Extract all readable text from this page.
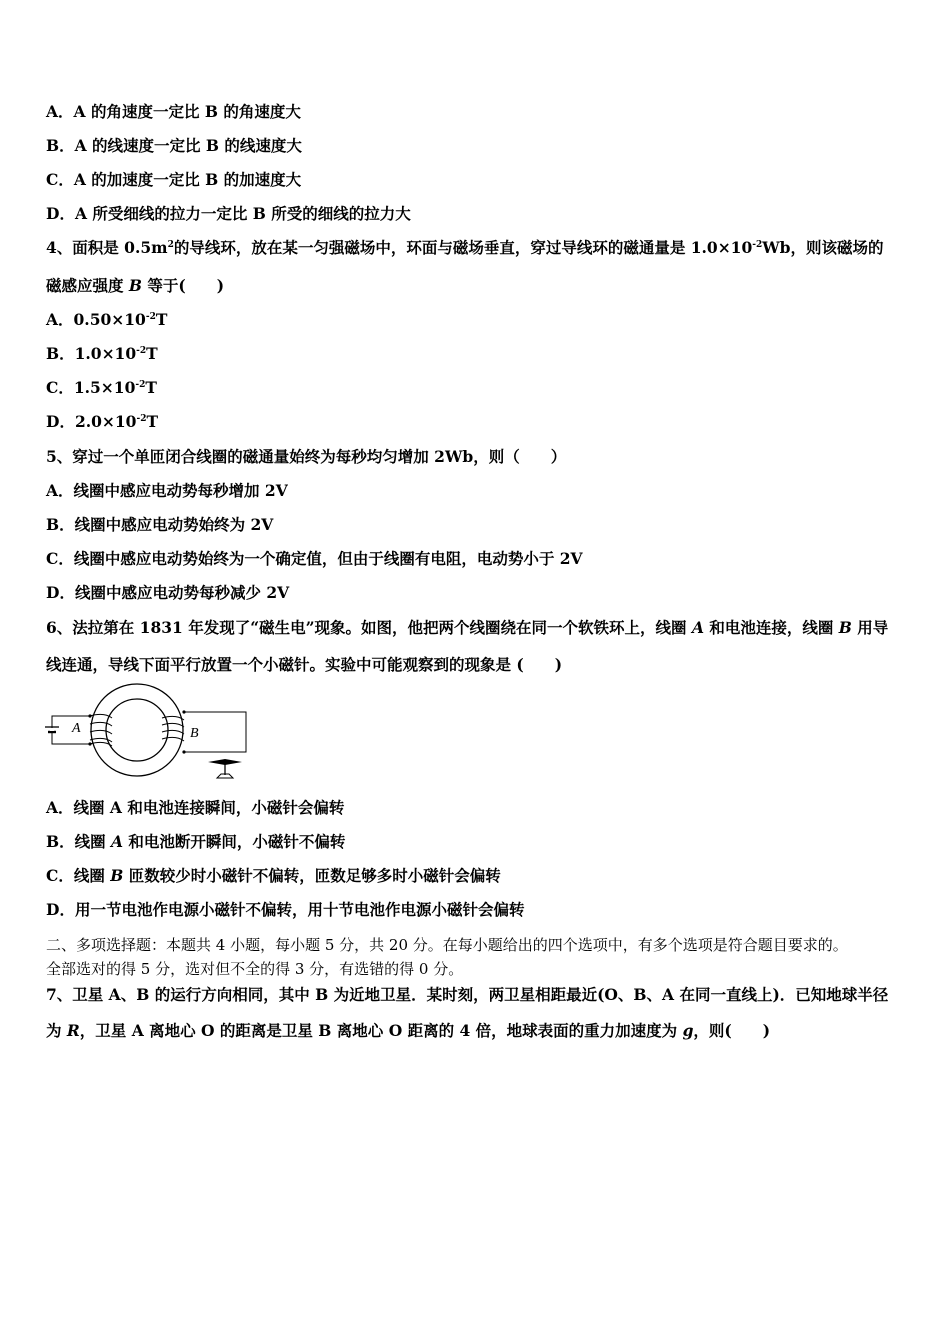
A．A 的角速度一定比 B 的角速度大
B．A 的线速度一定比 B 的线速度大
C．A 的加速度一定比 B 的加速度大
D．A 所受细线的拉力一定比 B 所受的细线的拉力大
4、面积是 $0.5m^2$的导线环，放在某一匀强磁场中，环面与磁场垂直，穿过导线环的磁通量是 $1.0\times 10^{-2}Wb$，则该磁场的
磁感应强度 B 等于(　　)
A．$0.50\times 10^{-2}T$
B．$1.0\times 10^{-2}T$
C．$1.5\times 10^{-2}T$
D．$2.0\times 10^{-2}T$
5、穿过一个单匝闭合线圈的磁通量始终为每秒均匀增加 2Wb，则（　　）
A．线圈中感应电动势每秒增加 2V
B．线圈中感应电动势始终为 2V
C．线圈中感应电动势始终为一个确定值，但由于线圈有电阻，电动势小于 2V
D．线圈中感应电动势每秒减少 2V
6、法拉第在 1831 年发现了“磁生电”现象。如图，他把两个线圈绕在同一个软铁环上，线圈 A 和电池连接，线圈 B 用导
线连通，导线下面平行放置一个小磁针。实验中可能观察到的现象是 (　　)
A	B
A．线圈 A 和电池连接瞬间，小磁针会偏转
B．线圈 A 和电池断开瞬间，小磁针不偏转
C．线圈 B 匝数较少时小磁针不偏转，匝数足够多时小磁针会偏转
D．用一节电池作电源小磁针不偏转，用十节电池作电源小磁针会偏转
二、多项选择题：本题共 4 小题，每小题 5 分，共 20 分。在每小题给出的四个选项中，有多个选项是符合题目要求的。
全部选对的得 5 分，选对但不全的得 3 分，有选错的得 0 分。
7、卫星 A、B 的运行方向相同，其中 B 为近地卫星．某时刻，两卫星相距最近(O、B、A 在同一直线上)．已知地球半径
为 R，卫星 A 离地心 O 的距离是卫星 B 离地心 O 距离的 4 倍，地球表面的重力加速度为 g，则(　　)
